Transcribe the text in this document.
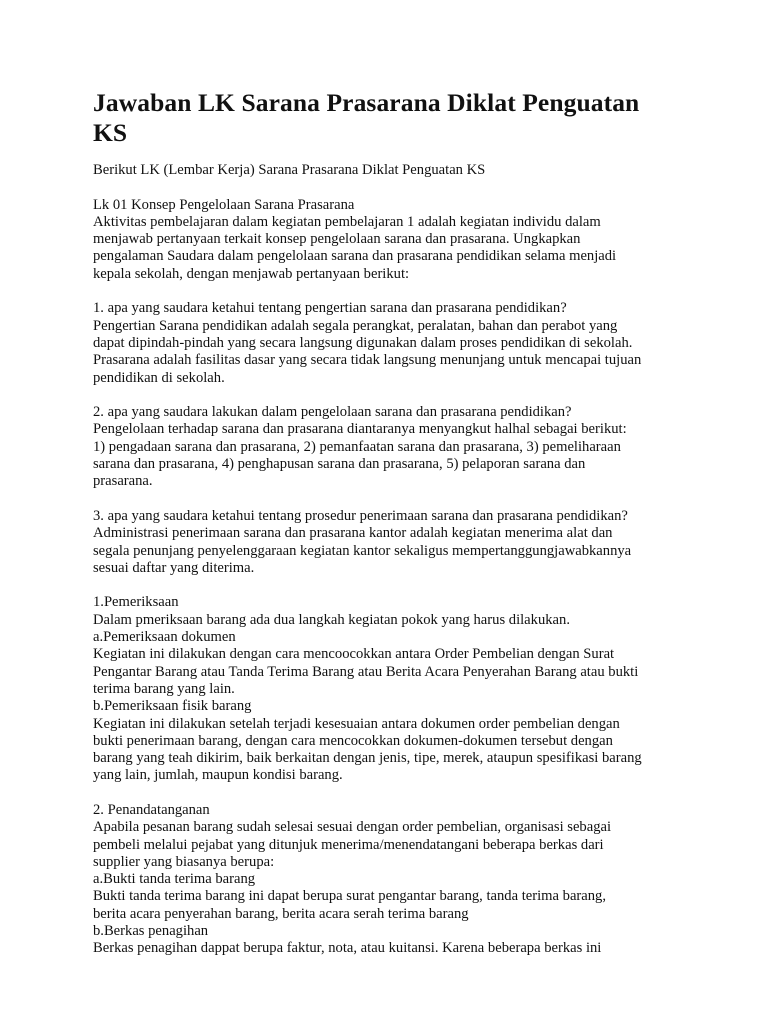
Jawaban LK Sarana Prasarana Diklat Penguatan
KS

Berikut LK (Lembar Kerja) Sarana Prasarana Diklat Penguatan KS

Lk 01 Konsep Pengelolaan Sarana Prasarana
Aktivitas pembelajaran dalam kegiatan pembelajaran 1 adalah kegiatan individu dalam
menjawab pertanyaan terkait konsep pengelolaan sarana dan prasarana. Ungkapkan
pengalaman Saudara dalam pengelolaan sarana dan prasarana pendidikan selama menjadi
kepala sekolah, dengan menjawab pertanyaan berikut:

1. apa yang saudara ketahui tentang pengertian sarana dan prasarana pendidikan?
Pengertian Sarana pendidikan adalah segala perangkat, peralatan, bahan dan perabot yang
dapat dipindah-pindah yang secara langsung digunakan dalam proses pendidikan di sekolah.
Prasarana adalah fasilitas dasar yang secara tidak langsung menunjang untuk mencapai tujuan
pendidikan di sekolah.

2. apa yang saudara lakukan dalam pengelolaan sarana dan prasarana pendidikan?
Pengelolaan terhadap sarana dan prasarana diantaranya menyangkut halhal sebagai berikut:
1) pengadaan sarana dan prasarana, 2) pemanfaatan sarana dan prasarana, 3) pemeliharaan
sarana dan prasarana, 4) penghapusan sarana dan prasarana, 5) pelaporan sarana dan
prasarana.

3. apa yang saudara ketahui tentang prosedur penerimaan sarana dan prasarana pendidikan?
Administrasi penerimaan sarana dan prasarana kantor adalah kegiatan menerima alat dan
segala penunjang penyelenggaraan kegiatan kantor sekaligus mempertanggungjawabkannya
sesuai daftar yang diterima.

1.Pemeriksaan
Dalam pmeriksaan barang ada dua langkah kegiatan pokok yang harus dilakukan.
a.Pemeriksaan dokumen
Kegiatan ini dilakukan dengan cara mencoocokkan antara Order Pembelian dengan Surat
Pengantar Barang atau Tanda Terima Barang atau Berita Acara Penyerahan Barang atau bukti
terima barang yang lain.
b.Pemeriksaan fisik barang
Kegiatan ini dilakukan setelah terjadi kesesuaian antara dokumen order pembelian dengan
bukti penerimaan barang, dengan cara mencocokkan dokumen-dokumen tersebut dengan
barang yang teah dikirim, baik berkaitan dengan jenis, tipe, merek, ataupun spesifikasi barang
yang lain, jumlah, maupun kondisi barang.

2. Penandatanganan
Apabila pesanan barang sudah selesai sesuai dengan order pembelian, organisasi sebagai
pembeli melalui pejabat yang ditunjuk menerima/menendatangani beberapa berkas dari
supplier yang biasanya berupa:
a.Bukti tanda terima barang
Bukti tanda terima barang ini dapat berupa surat pengantar barang, tanda terima barang,
berita acara penyerahan barang, berita acara serah terima barang
b.Berkas penagihan
Berkas penagihan dappat berupa faktur, nota, atau kuitansi. Karena beberapa berkas ini
